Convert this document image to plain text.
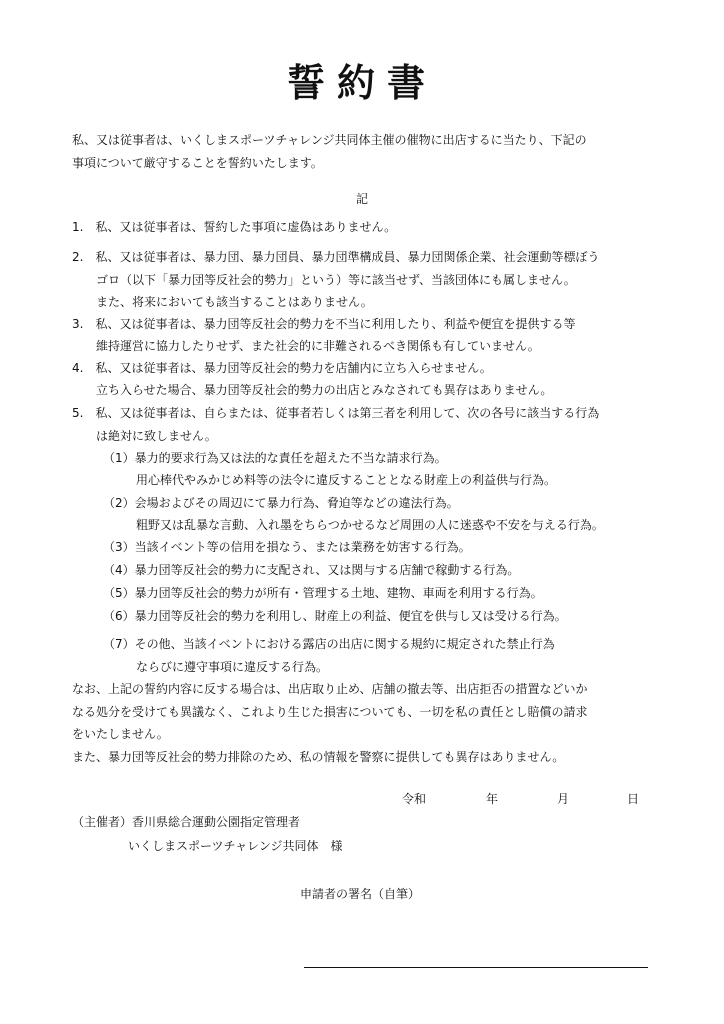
誓約書
私、又は従事者は、いくしまスポーツチャレンジ共同体主催の催物に出店するに当たり、下記の
事項について厳守することを誓約いたします。
記
1.　私、又は従事者は、誓約した事項に虚偽はありません。
2.　私、又は従事者は、暴力団、暴力団員、暴力団準構成員、暴力団関係企業、社会運動等標ぼう
ゴロ（以下「暴力団等反社会的勢力」という）等に該当せず、当該団体にも属しません。
また、将来においても該当することはありません。
3.　私、又は従事者は、暴力団等反社会的勢力を不当に利用したり、利益や便宜を提供する等
維持運営に協力したりせず、また社会的に非難されるべき関係も有していません。
4.　私、又は従事者は、暴力団等反社会的勢力を店舗内に立ち入らせません。
立ち入らせた場合、暴力団等反社会的勢力の出店とみなされても異存はありません。
5.　私、又は従事者は、自らまたは、従事者若しくは第三者を利用して、次の各号に該当する行為
は絶対に致しません。
（1）暴力的要求行為又は法的な責任を超えた不当な請求行為。
用心棒代やみかじめ料等の法令に違反することとなる財産上の利益供与行為。
（2）会場およびその周辺にて暴力行為、脅迫等などの違法行為。
粗野又は乱暴な言動、入れ墨をちらつかせるなど周囲の人に迷惑や不安を与える行為。
（3）当該イベント等の信用を損なう、または業務を妨害する行為。
（4）暴力団等反社会的勢力に支配され、又は関与する店舗で稼動する行為。
（5）暴力団等反社会的勢力が所有・管理する土地、建物、車両を利用する行為。
（6）暴力団等反社会的勢力を利用し、財産上の利益、便宜を供与し又は受ける行為。
（7）その他、当該イベントにおける露店の出店に関する規約に規定された禁止行為
ならびに遵守事項に違反する行為。
なお、上記の誓約内容に反する場合は、出店取り止め、店舗の撤去等、出店拒否の措置などいか
なる処分を受けても異議なく、これより生じた損害についても、一切を私の責任とし賠償の請求
をいたしません。
また、暴力団等反社会的勢力排除のため、私の情報を警察に提供しても異存はありません。
令和	年	月	日
（主催者）香川県総合運動公園指定管理者
いくしまスポーツチャレンジ共同体　様
申請者の署名（自筆）
